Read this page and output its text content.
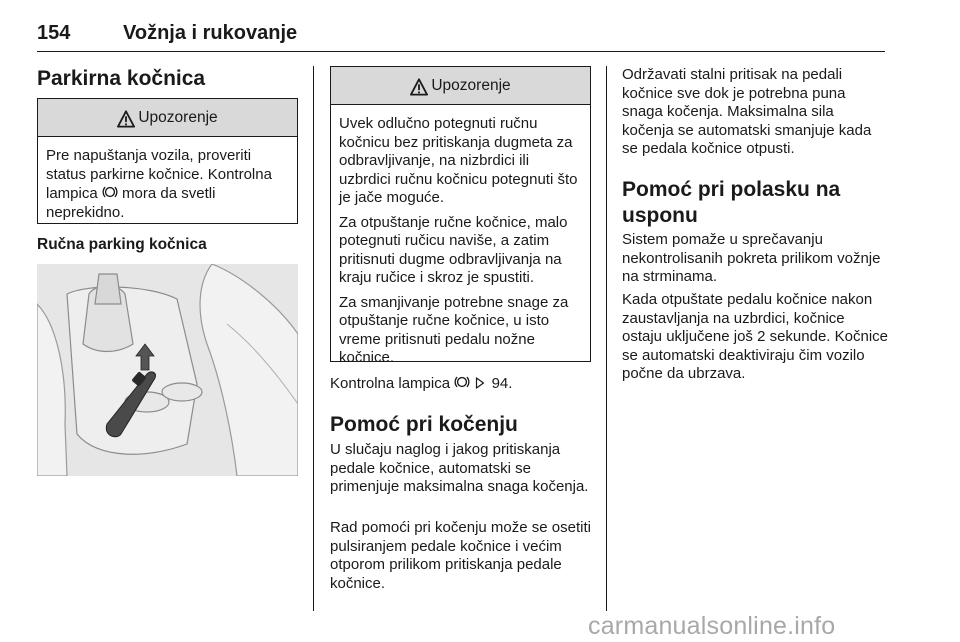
154	Vožnja i rukovanje
Parkirna kočnica
Upozorenje
Pre napuštanja vozila, proveriti
status parkirne kočnice. Kontrolna
lampica mora da svetli
neprekidno.
Ručna parking kočnica
Upozorenje

Uvek odlučno potegnuti ručnu kočnicu bez pritiskanja dugmeta za odbravljivanje, na nizbrdici ili uzbrdici ručnu kočnicu potegnuti što je jače moguće.

Za otpuštanje ručne kočnice, malo potegnuti ručicu naviše, a zatim pritisnuti dugme odbravljivanja na kraju ručice i skroz je spustiti.

Za smanjivanje potrebne snage za otpuštanje ručne kočnice, u isto vreme pritisnuti pedalu nožne kočnice.

Kontrolna lampica	94.
Pomoć pri kočenju
U slučaju naglog i jakog pritiskanja pedale kočnice, automatski se primenjuje maksimalna snaga kočenja.
Rad pomoći pri kočenju može se osetiti pulsiranjem pedale kočnice i većim otporom prilikom pritiskanja pedale kočnice.
Održavati stalni pritisak na pedali kočnice sve dok je potrebna puna snaga kočenja. Maksimalna sila kočenja se automatski smanjuje kada se pedala kočnice otpusti.
Pomoć pri polasku na
usponu
Sistem pomaže u sprečavanju nekontrolisanih pokreta prilikom vožnje na strminama.
Kada otpuštate pedalu kočnice nakon zaustavljanja na uzbrdici, kočnice ostaju uključene još 2 sekunde. Kočnice se automatski deaktiviraju čim vozilo počne da ubrzava.
carmanualsonline.info
